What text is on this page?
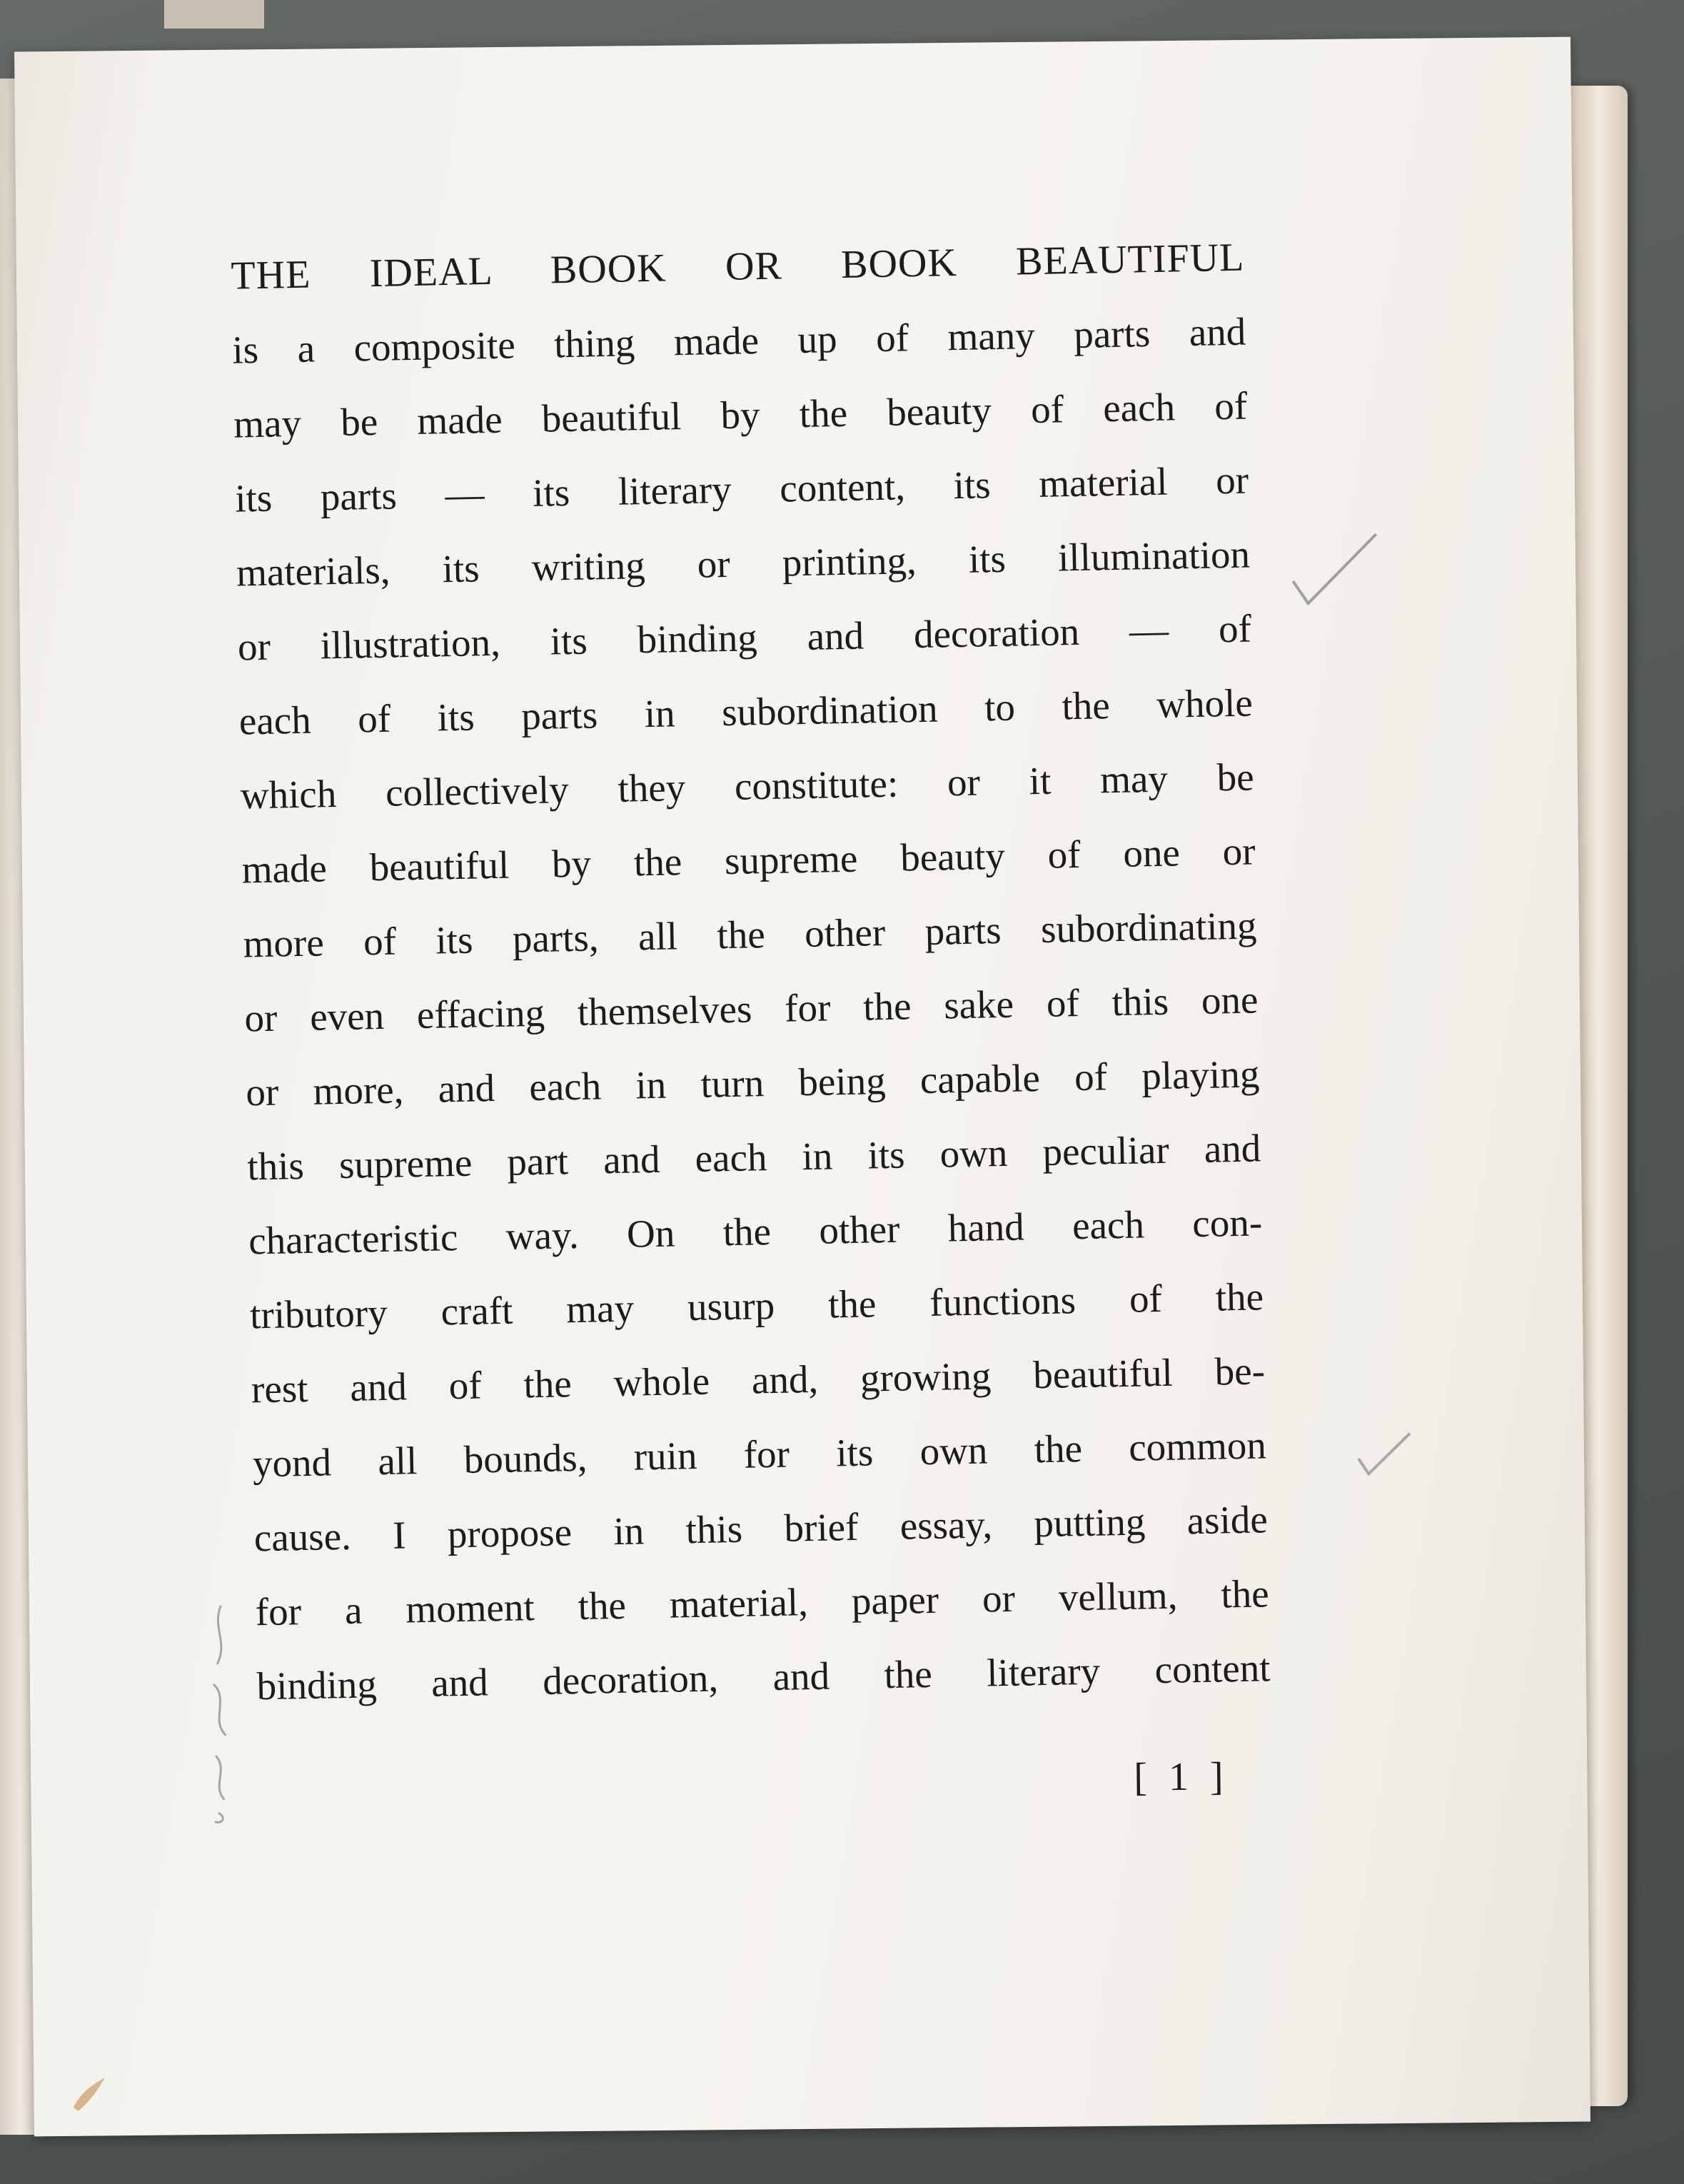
THE IDEAL BOOK OR BOOK BEAUTIFUL
is a composite thing made up of many parts and
may be made beautiful by the beauty of each of
its parts — its literary content, its material or
materials, its writing or printing, its illumination
or illustration, its binding and decoration — of
each of its parts in subordination to the whole
which collectively they constitute: or it may be
made beautiful by the supreme beauty of one or
more of its parts, all the other parts subordinating
or even effacing themselves for the sake of this one
or more, and each in turn being capable of playing
this supreme part and each in its own peculiar and
characteristic way. On the other hand each con-
tributory craft may usurp the functions of the
rest and of the whole and, growing beautiful be-
yond all bounds, ruin for its own the common
cause. I propose in this brief essay, putting aside
for a moment the material, paper or vellum, the
binding and decoration, and the literary content
[ 1 ]
